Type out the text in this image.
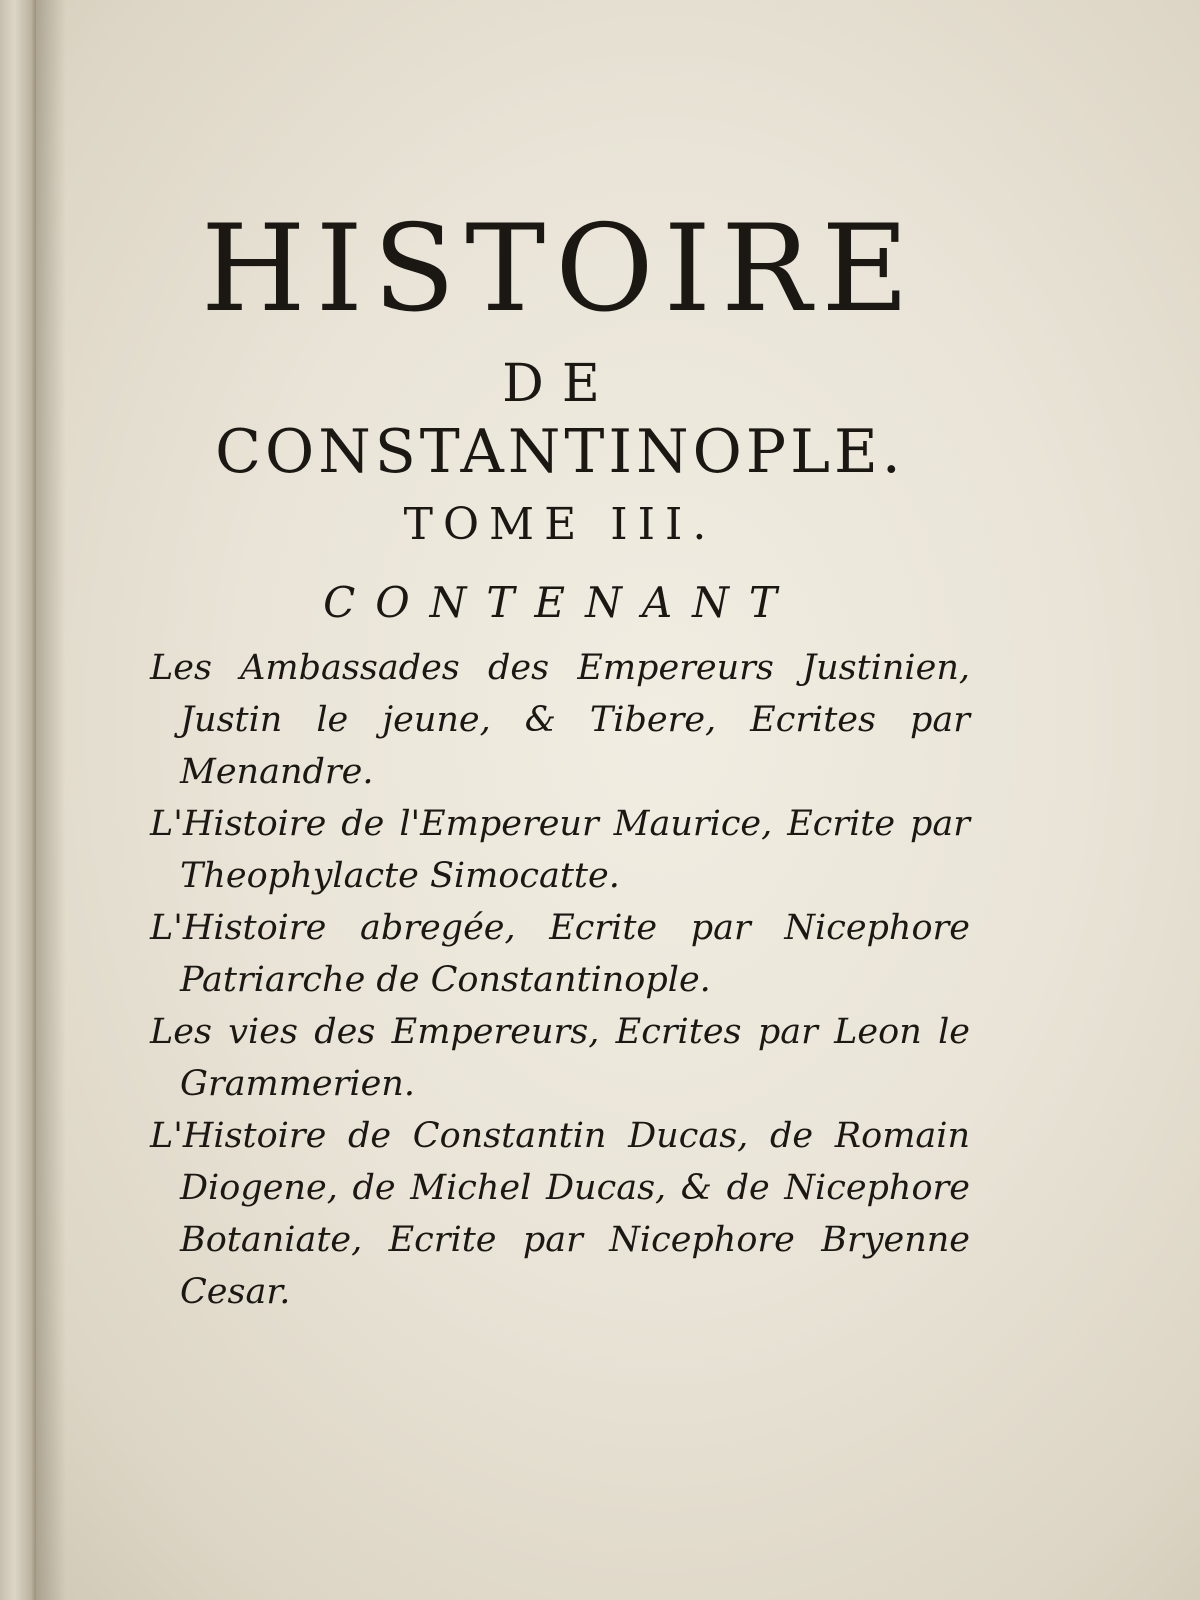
HISTOIRE

DE

CONSTANTINOPLE.

TOME III.

CONTENANT

Les Ambassades des Empereurs Justinien, Justin le jeune, & Tibere, Ecrites par Menandre.
L'Histoire de l'Empereur Maurice, Ecrite par Theophylacte Simocatte.
L'Histoire abregée, Ecrite par Nicephore Patriarche de Constantinople.
Les vies des Empereurs, Ecrites par Leon le Grammerien.
L'Histoire de Constantin Ducas, de Romain Diogene, de Michel Ducas, & de Nicephore Botaniate, Ecrite par Nicephore Bryenne Cesar.
